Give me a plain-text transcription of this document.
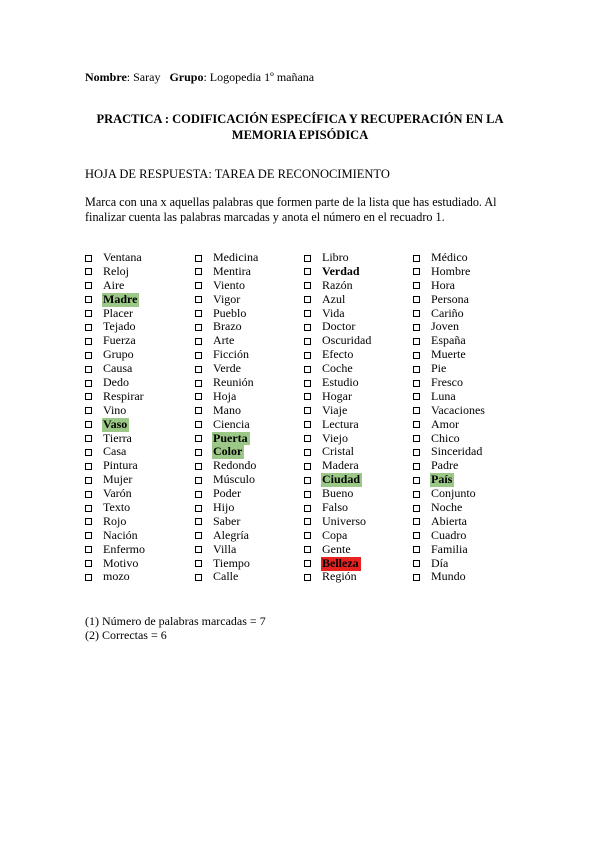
Nombre: Saray Grupo: Logopedia 1º mañana
PRACTICA : CODIFICACIÓN ESPECÍFICA Y RECUPERACIÓN EN LA MEMORIA EPISÓDICA
HOJA DE RESPUESTA: TAREA DE RECONOCIMIENTO
Marca con una x aquellas palabras que formen parte de la lista que has estudiado. Al finalizar cuenta las palabras marcadas y anota el número en el recuadro 1.
Ventana
Reloj
Aire
Madre
Placer
Tejado
Fuerza
Grupo
Causa
Dedo
Respirar
Vino
Vaso
Tierra
Casa
Pintura
Mujer
Varón
Texto
Rojo
Nación
Enfermo
Motivo
mozo
Medicina
Mentira
Viento
Vigor
Pueblo
Brazo
Arte
Ficción
Verde
Reunión
Hoja
Mano
Ciencia
Puerta
Color
Redondo
Músculo
Poder
Hijo
Saber
Alegría
Villa
Tiempo
Calle
Libro
Verdad
Razón
Azul
Vida
Doctor
Oscuridad
Efecto
Coche
Estudio
Hogar
Viaje
Lectura
Viejo
Cristal
Madera
Ciudad
Bueno
Falso
Universo
Copa
Gente
Belleza
Región
Médico
Hombre
Hora
Persona
Cariño
Joven
España
Muerte
Pie
Fresco
Luna
Vacaciones
Amor
Chico
Sinceridad
Padre
País
Conjunto
Noche
Abierta
Cuadro
Familia
Día
Mundo
(1) Número de palabras marcadas = 7
(2) Correctas = 6
